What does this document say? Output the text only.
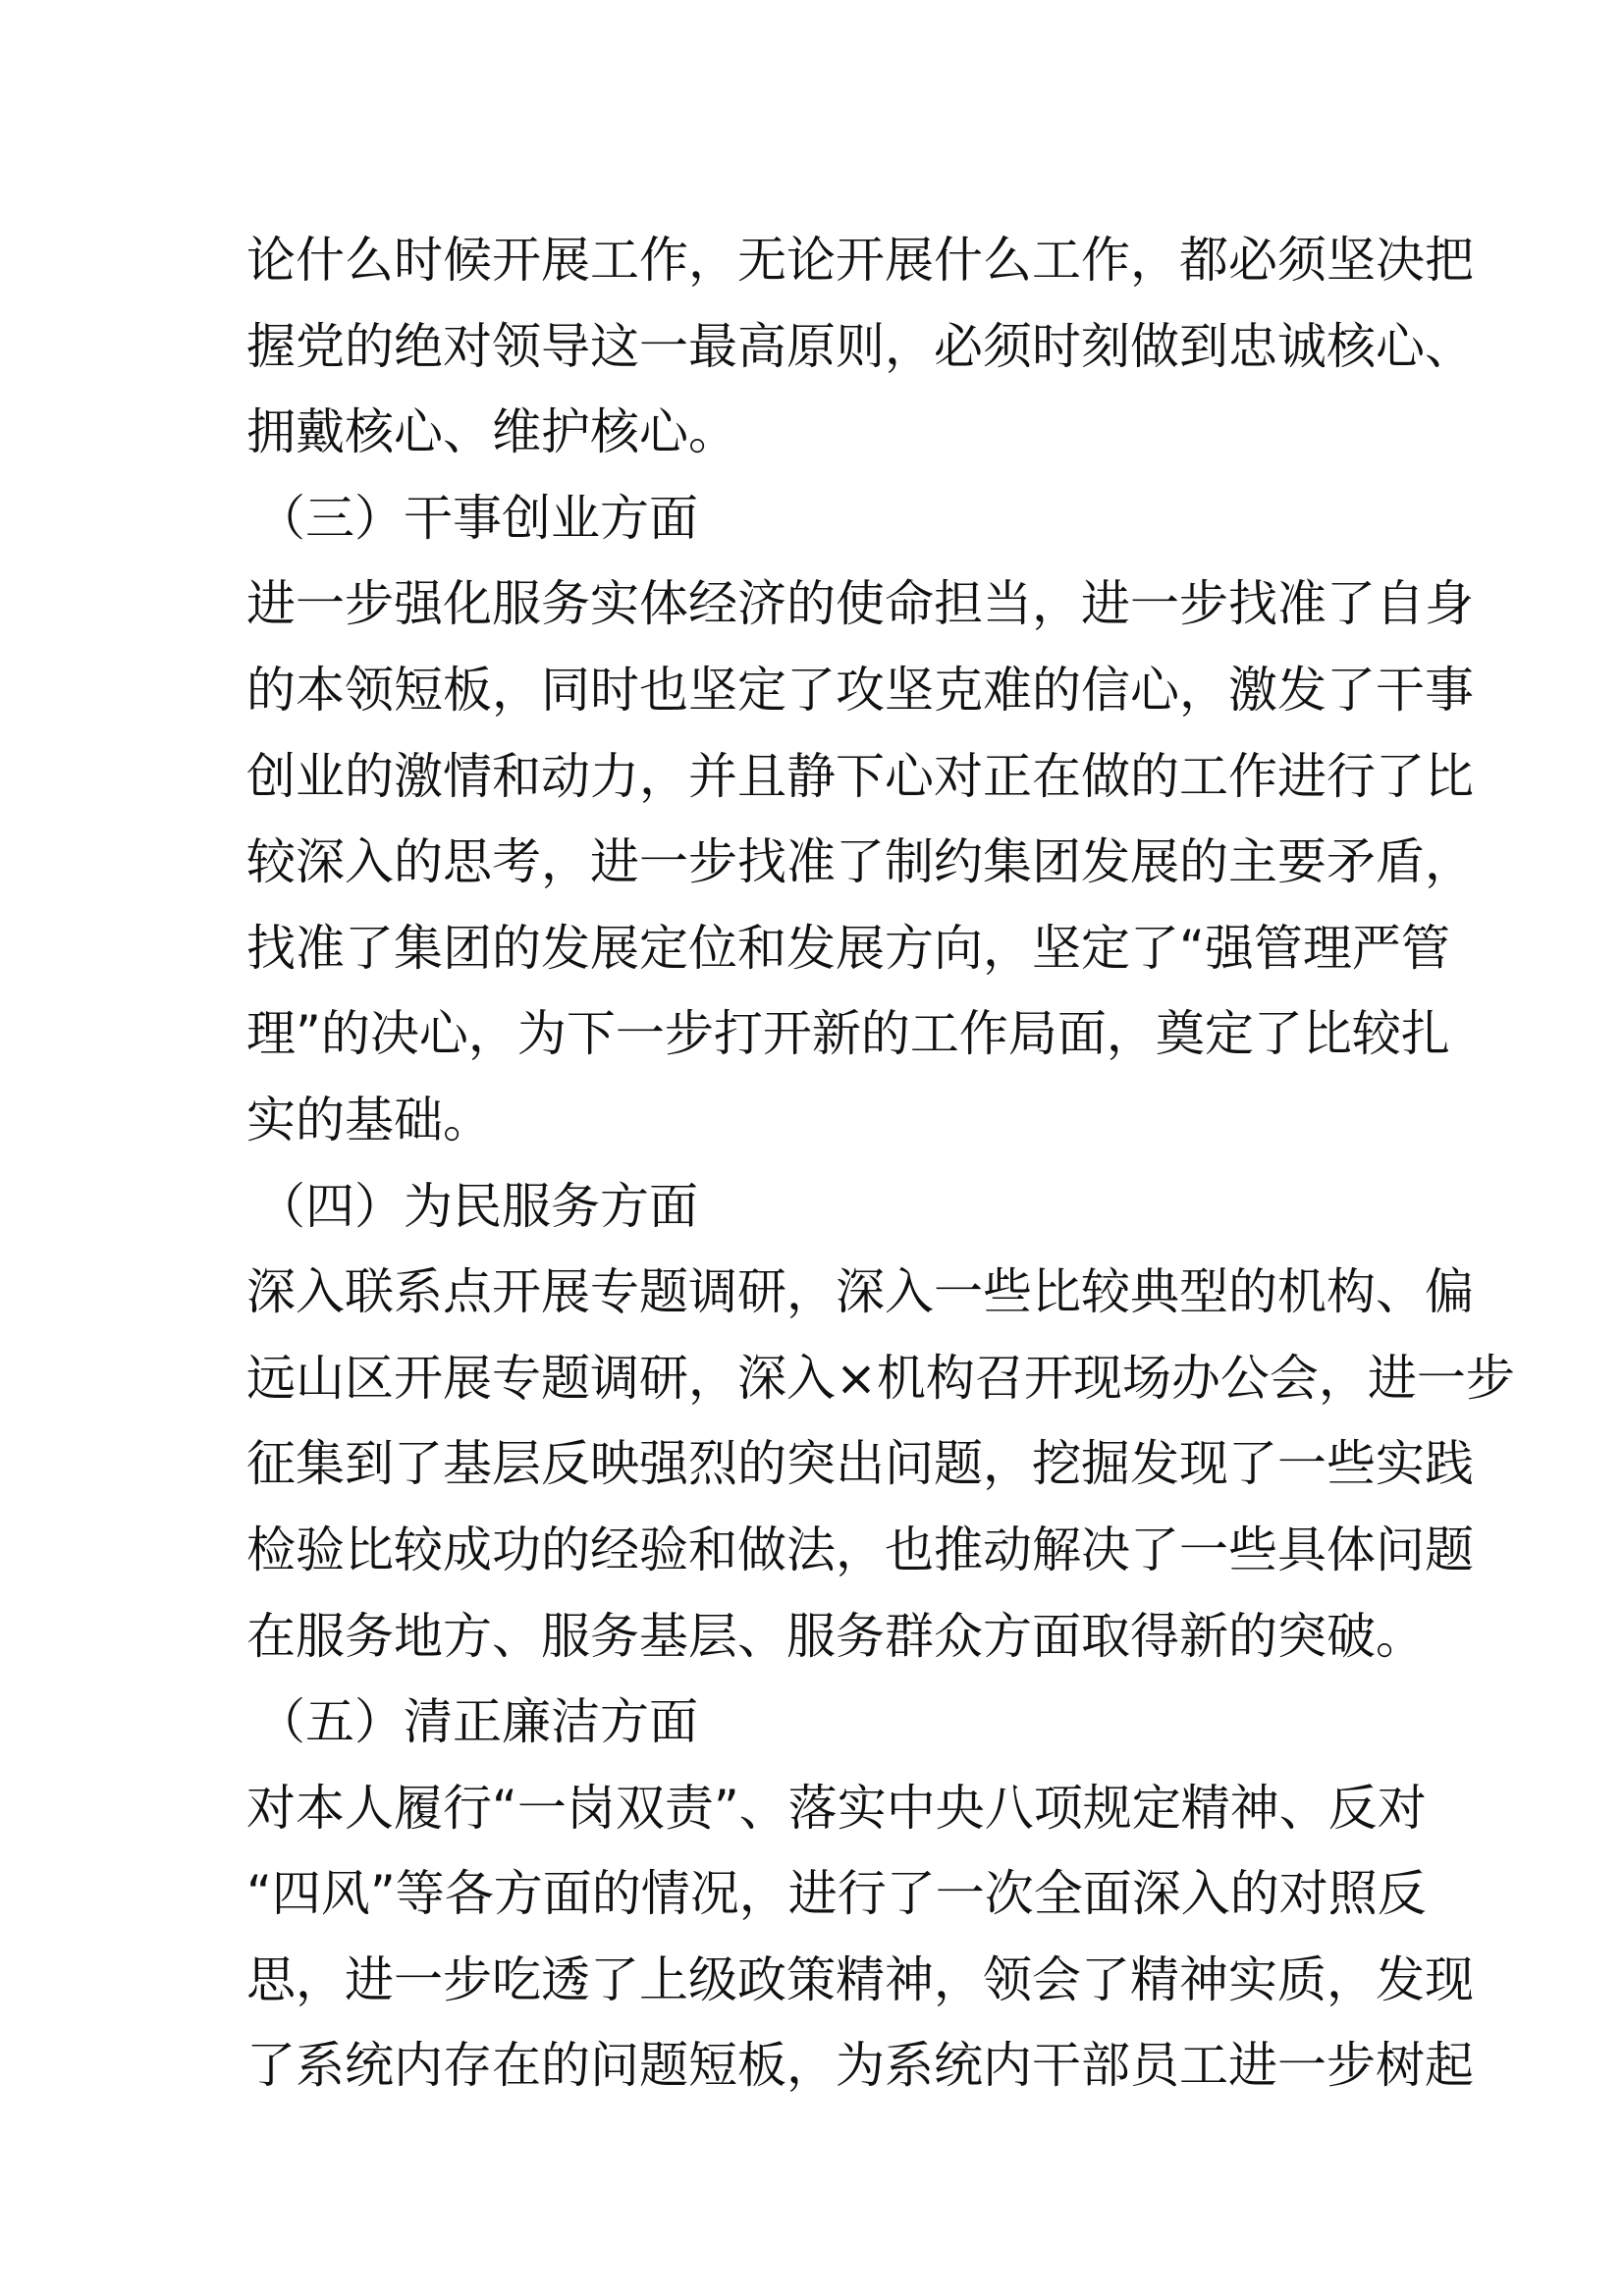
论什么时候开展工作，无论开展什么工作，都必须坚决把
握党的绝对领导这一最高原则，必须时刻做到忠诚核心、
拥戴核心、维护核心。
（三）干事创业方面
进一步强化服务实体经济的使命担当，进一步找准了自身
的本领短板，同时也坚定了攻坚克难的信心，激发了干事
创业的激情和动力，并且静下心对正在做的工作进行了比
较深入的思考，进一步找准了制约集团发展的主要矛盾，
找准了集团的发展定位和发展方向，坚定了“强管理严管
理”的决心，为下一步打开新的工作局面，奠定了比较扎
实的基础。
（四）为民服务方面
深入联系点开展专题调研，深入一些比较典型的机构、偏
远山区开展专题调研，深入×机构召开现场办公会，进一步
征集到了基层反映强烈的突出问题，挖掘发现了一些实践
检验比较成功的经验和做法，也推动解决了一些具体问题
在服务地方、服务基层、服务群众方面取得新的突破。
（五）清正廉洁方面
对本人履行“一岗双责”、落实中央八项规定精神、反对
“四风”等各方面的情况，进行了一次全面深入的对照反
思，进一步吃透了上级政策精神，领会了精神实质，发现
了系统内存在的问题短板，为系统内干部员工进一步树起
